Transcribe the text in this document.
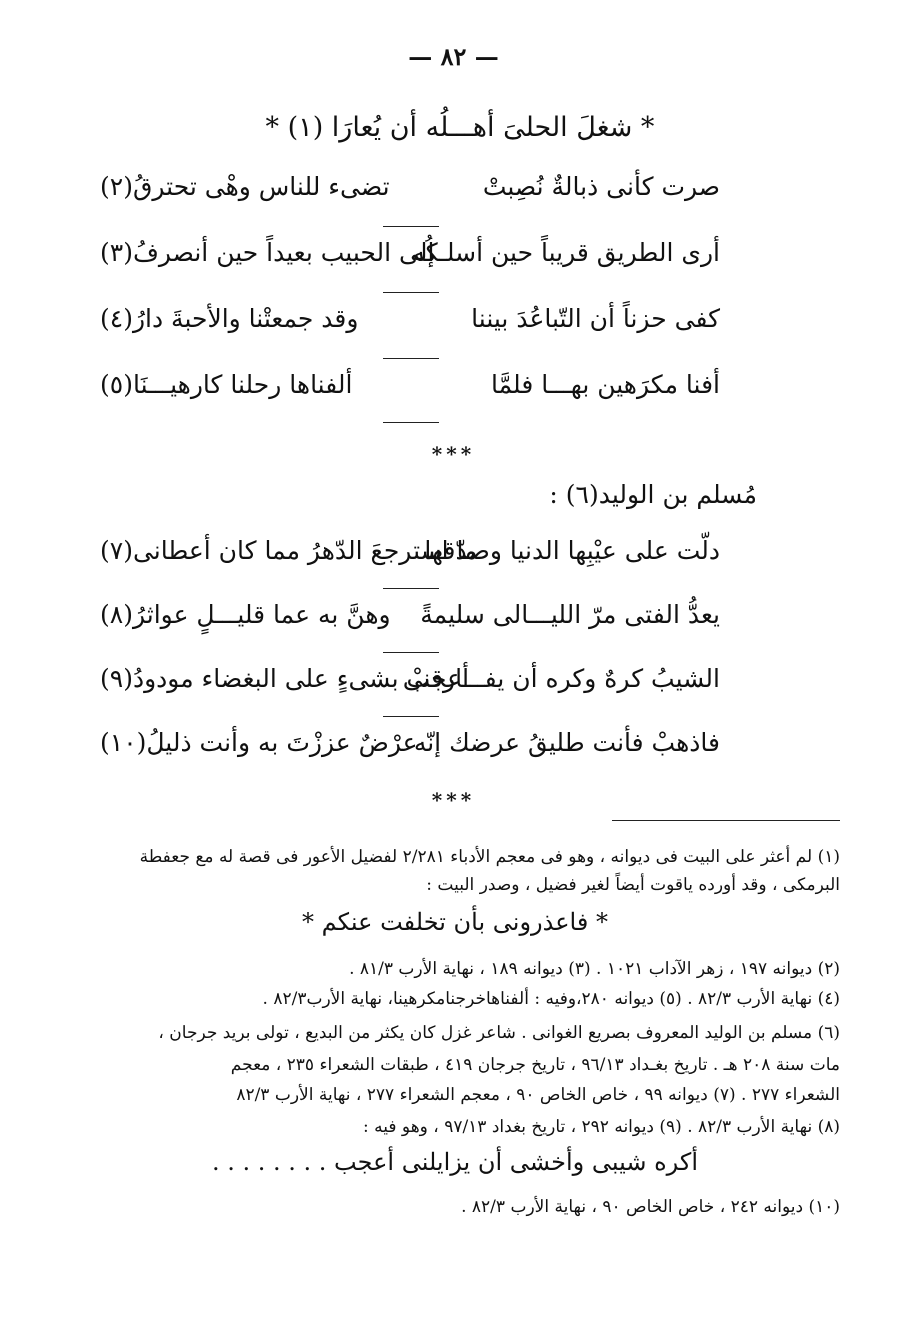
— ٨٢ —
* شغلَ الحلىَ أهـــلُه أن يُعارَا (١) *
صرت كأنى ذبالةٌ نُصِبتْ
تضىء للناس وهْى تحترقُ(٢)
أرى الطريق قريباً حين أسلـكُه
إلى الحبيب بعيداً حين أنصرفُ(٣)
كفى حزناً أن التّباعُدَ بيننا
وقد جمعتْنا والأحبةَ دارُ(٤)
أفنا مكرَهين بهـــا فلمَّا
ألفناها رحلنا كارهيـــنَا(٥)
***
مُسلم بن الوليد(٦) :
دلّت على عيْبِها الدنيا وصدّقها
ما استرجعَ الدّهرُ مما كان أعطانى(٧)
يعدُّ الفتى مرّ الليـــالى سليمةً
وهنَّ به عما قليـــلٍ عواثرُ(٨)
الشيبُ كرهٌ وكره أن يفـــارقنى
أعجبْ بشىءٍ على البغضاء مودودُ(٩)
فاذهبْ فأنت طليقُ عرضك إنّه
عرْضٌ عززْتَ به وأنت ذليلُ(١٠)
***
(١) لم أعثر على البيت فى ديوانه ، وهو فى معجم الأدباء ٢/٢٨١ لفضيل الأعور فى قصة له مع جعفطة
البرمكى ، وقد أورده ياقوت أيضاً لغير فضيل ، وصدر البيت :
* فاعذرونى بأن تخلفت عنكم *
(٢) ديوانه ١٩٧ ، زهر الآداب ١٠٢١ . (٣) ديوانه ١٨٩ ، نهاية الأرب ٨١/٣ .
(٤) نهاية الأرب ٨٢/٣ . (٥) ديوانه ٢٨٠،وفيه : ألفناهاخرجنامكرهينا، نهاية الأرب٨٢/٣ .
(٦) مسلم بن الوليد المعروف بصريع الغوانى . شاعر غزل كان يكثر من البديع ، تولى بريد جرجان ،
مات سنة ٢٠٨ هـ . تاريخ بغـداد ٩٦/١٣ ، تاريخ جرجان ٤١٩ ، طبقات الشعراء ٢٣٥ ، معجم
الشعراء ٢٧٧ . (٧) ديوانه ٩٩ ، خاص الخاص ٩٠ ، معجم الشعراء ٢٧٧ ، نهاية الأرب ٨٢/٣
(٨) نهاية الأرب ٨٢/٣ . (٩) ديوانه ٢٩٢ ، تاريخ بغداد ٩٧/١٣ ، وهو فيه :
أكره شيبى وأخشى أن يزايلنى أعجب . . . . . . . .
(١٠) ديوانه ٢٤٢ ، خاص الخاص ٩٠ ، نهاية الأرب ٨٢/٣ .
